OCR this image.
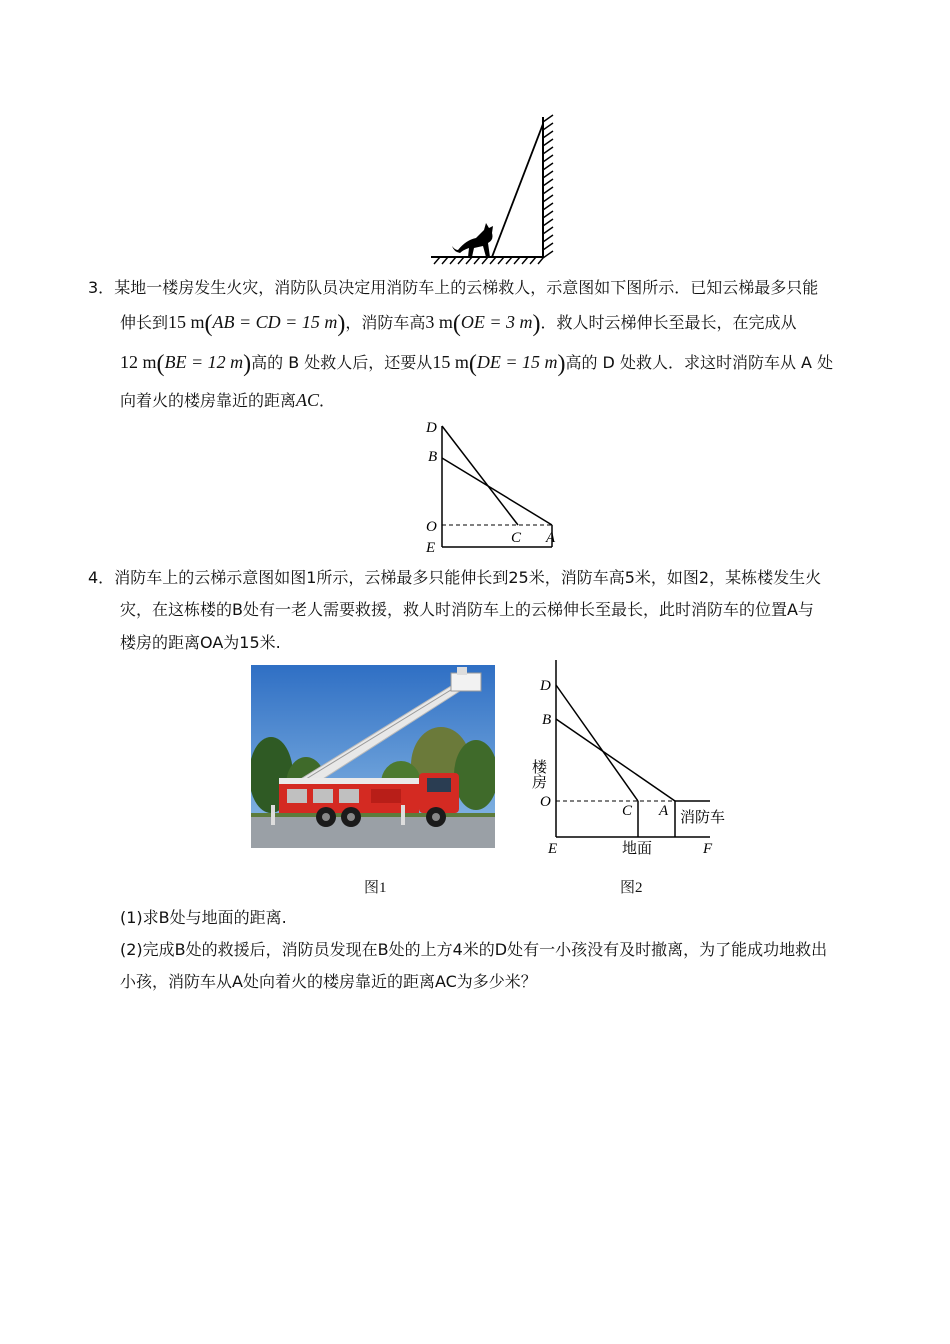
3．某地一楼房发生火灾，消防队员决定用消防车上的云梯救人，示意图如下图所示．已知云梯最多只能
伸长到15 m(AB = CD = 15 m)，消防车高3 m(OE = 3 m)．救人时云梯伸长至最长，在完成从
12 m(BE = 12 m)高的 B 处救人后，还要从15 m(DE = 15 m)高的 D 处救人．求这时消防车从 A 处
向着火的楼房靠近的距离AC．
D
B
O
E
C A
4．消防车上的云梯示意图如图1所示，云梯最多只能伸长到25米，消防车高5米，如图2，某栋楼发生火
灾，在这栋楼的B处有一老人需要救援，救人时消防车上的云梯伸长至最长，此时消防车的位置A与
楼房的距离OA为15米.
D
B
楼房
O
C A 消防车
E	地面	F
图1	图2
(1)求B处与地面的距离.
(2)完成B处的救援后，消防员发现在B处的上方4米的D处有一小孩没有及时撤离，为了能成功地救出
小孩，消防车从A处向着火的楼房靠近的距离AC为多少米？
